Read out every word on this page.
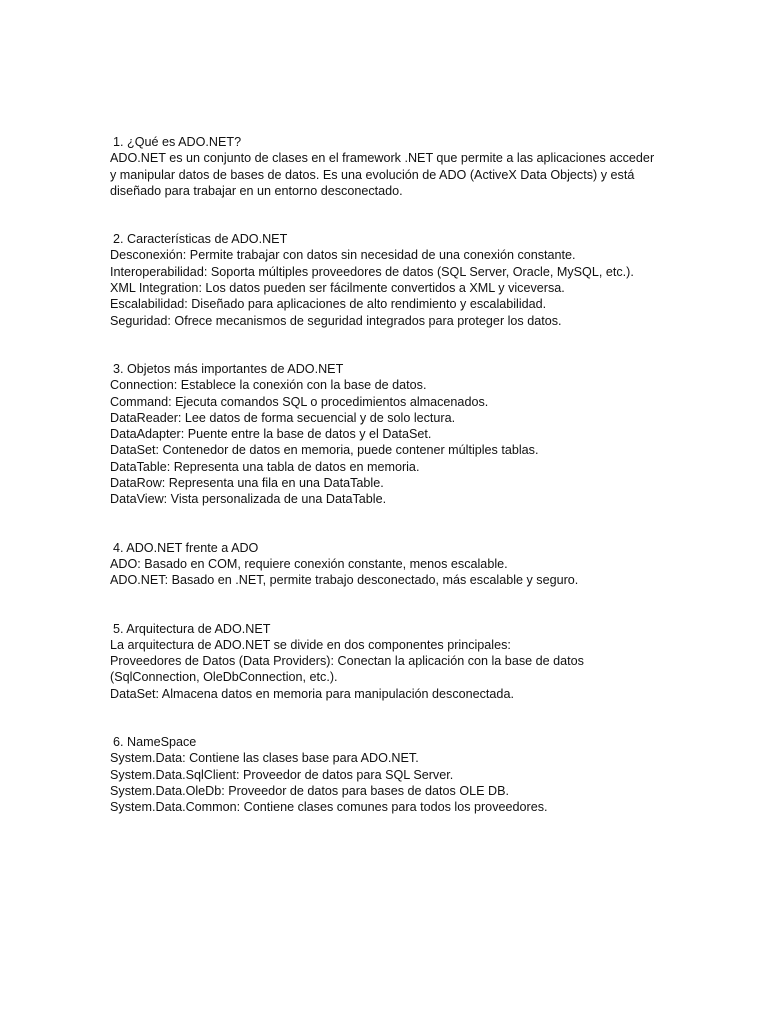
1. ¿Qué es ADO.NET?
ADO.NET es un conjunto de clases en el framework .NET que permite a las aplicaciones acceder
y manipular datos de bases de datos. Es una evolución de ADO (ActiveX Data Objects) y está
diseñado para trabajar en un entorno desconectado.
2. Características de ADO.NET
Desconexión: Permite trabajar con datos sin necesidad de una conexión constante.
Interoperabilidad: Soporta múltiples proveedores de datos (SQL Server, Oracle, MySQL, etc.).
XML Integration: Los datos pueden ser fácilmente convertidos a XML y viceversa.
Escalabilidad: Diseñado para aplicaciones de alto rendimiento y escalabilidad.
Seguridad: Ofrece mecanismos de seguridad integrados para proteger los datos.
3. Objetos más importantes de ADO.NET
Connection: Establece la conexión con la base de datos.
Command: Ejecuta comandos SQL o procedimientos almacenados.
DataReader: Lee datos de forma secuencial y de solo lectura.
DataAdapter: Puente entre la base de datos y el DataSet.
DataSet: Contenedor de datos en memoria, puede contener múltiples tablas.
DataTable: Representa una tabla de datos en memoria.
DataRow: Representa una fila en una DataTable.
DataView: Vista personalizada de una DataTable.
4. ADO.NET frente a ADO
ADO: Basado en COM, requiere conexión constante, menos escalable.
ADO.NET: Basado en .NET, permite trabajo desconectado, más escalable y seguro.
5. Arquitectura de ADO.NET
La arquitectura de ADO.NET se divide en dos componentes principales:
Proveedores de Datos (Data Providers): Conectan la aplicación con la base de datos
(SqlConnection, OleDbConnection, etc.).
DataSet: Almacena datos en memoria para manipulación desconectada.
6. NameSpace
System.Data: Contiene las clases base para ADO.NET.
System.Data.SqlClient: Proveedor de datos para SQL Server.
System.Data.OleDb: Proveedor de datos para bases de datos OLE DB.
System.Data.Common: Contiene clases comunes para todos los proveedores.
